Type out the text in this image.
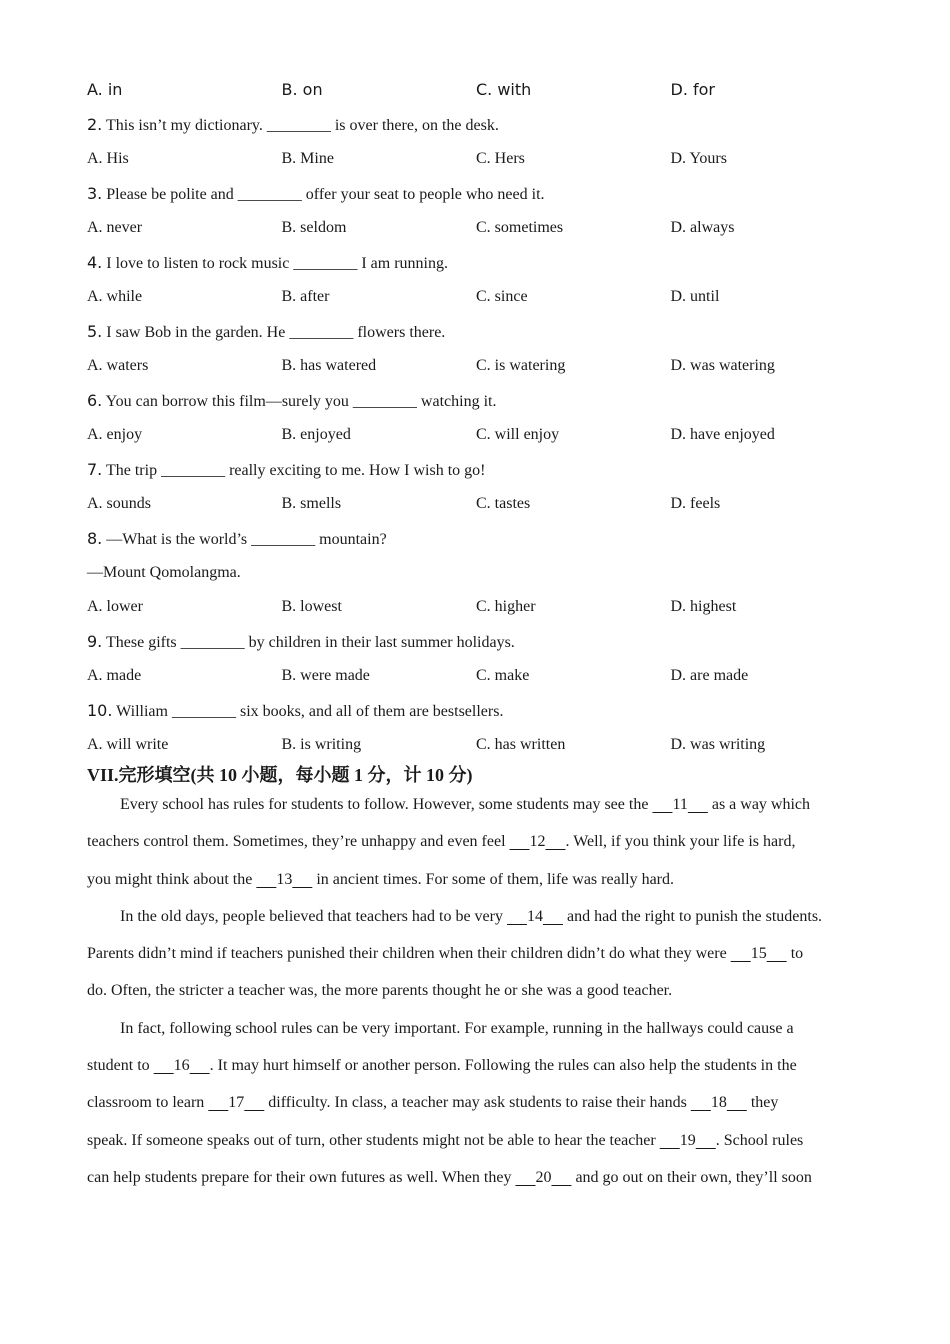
A. in	B. on	C. with	D. for
2. This isn’t my dictionary. ________ is over there, on the desk.
A. His	B. Mine	C. Hers	D. Yours
3. Please be polite and ________ offer your seat to people who need it.
A. never	B. seldom	C. sometimes	D. always
4. I love to listen to rock music ________ I am running.
A. while	B. after	C. since	D. until
5. I saw Bob in the garden. He ________ flowers there.
A. waters	B. has watered	C. is watering	D. was watering
6. You can borrow this film—surely you ________ watching it.
A. enjoy	B. enjoyed	C. will enjoy	D. have enjoyed
7. The trip ________ really exciting to me. How I wish to go!
A. sounds	B. smells	C. tastes	D. feels
8. —What is the world’s ________ mountain?
—Mount Qomolangma.
A. lower	B. lowest	C. higher	D. highest
9. These gifts ________ by children in their last summer holidays.
A. made	B. were made	C. make	D. are made
10. William ________ six books, and all of them are bestsellers.
A. will write	B. is writing	C. has written	D. was writing
VII.完形填空(共 10 小题，每小题 1 分，计 10 分)
Every school has rules for students to follow. However, some students may see the ​     11      as a way which
teachers control them. Sometimes, they’re unhappy and even feel      12 . Well, if you think your life is hard,
you might think about the      13      in ancient times. For some of them, life was really hard.
In the old days, people believed that teachers had to be very      14      and had the right to punish the students.
Parents didn’t mind if teachers punished their children when their children didn’t do what they were      15      to
do. Often, the stricter a teacher was, the more parents thought he or she was a good teacher.
In fact, following school rules can be very important. For example, running in the hallways could cause a
student to      16 . It may hurt himself or another person. Following the rules can also help the students in the
classroom to learn      17      difficulty. In class, a teacher may ask students to raise their hands      18      they
speak. If someone speaks out of turn, other students might not be able to hear the teacher      19 . School rules
can help students prepare for their own futures as well. When they      20      and go out on their own, they’ll soon
